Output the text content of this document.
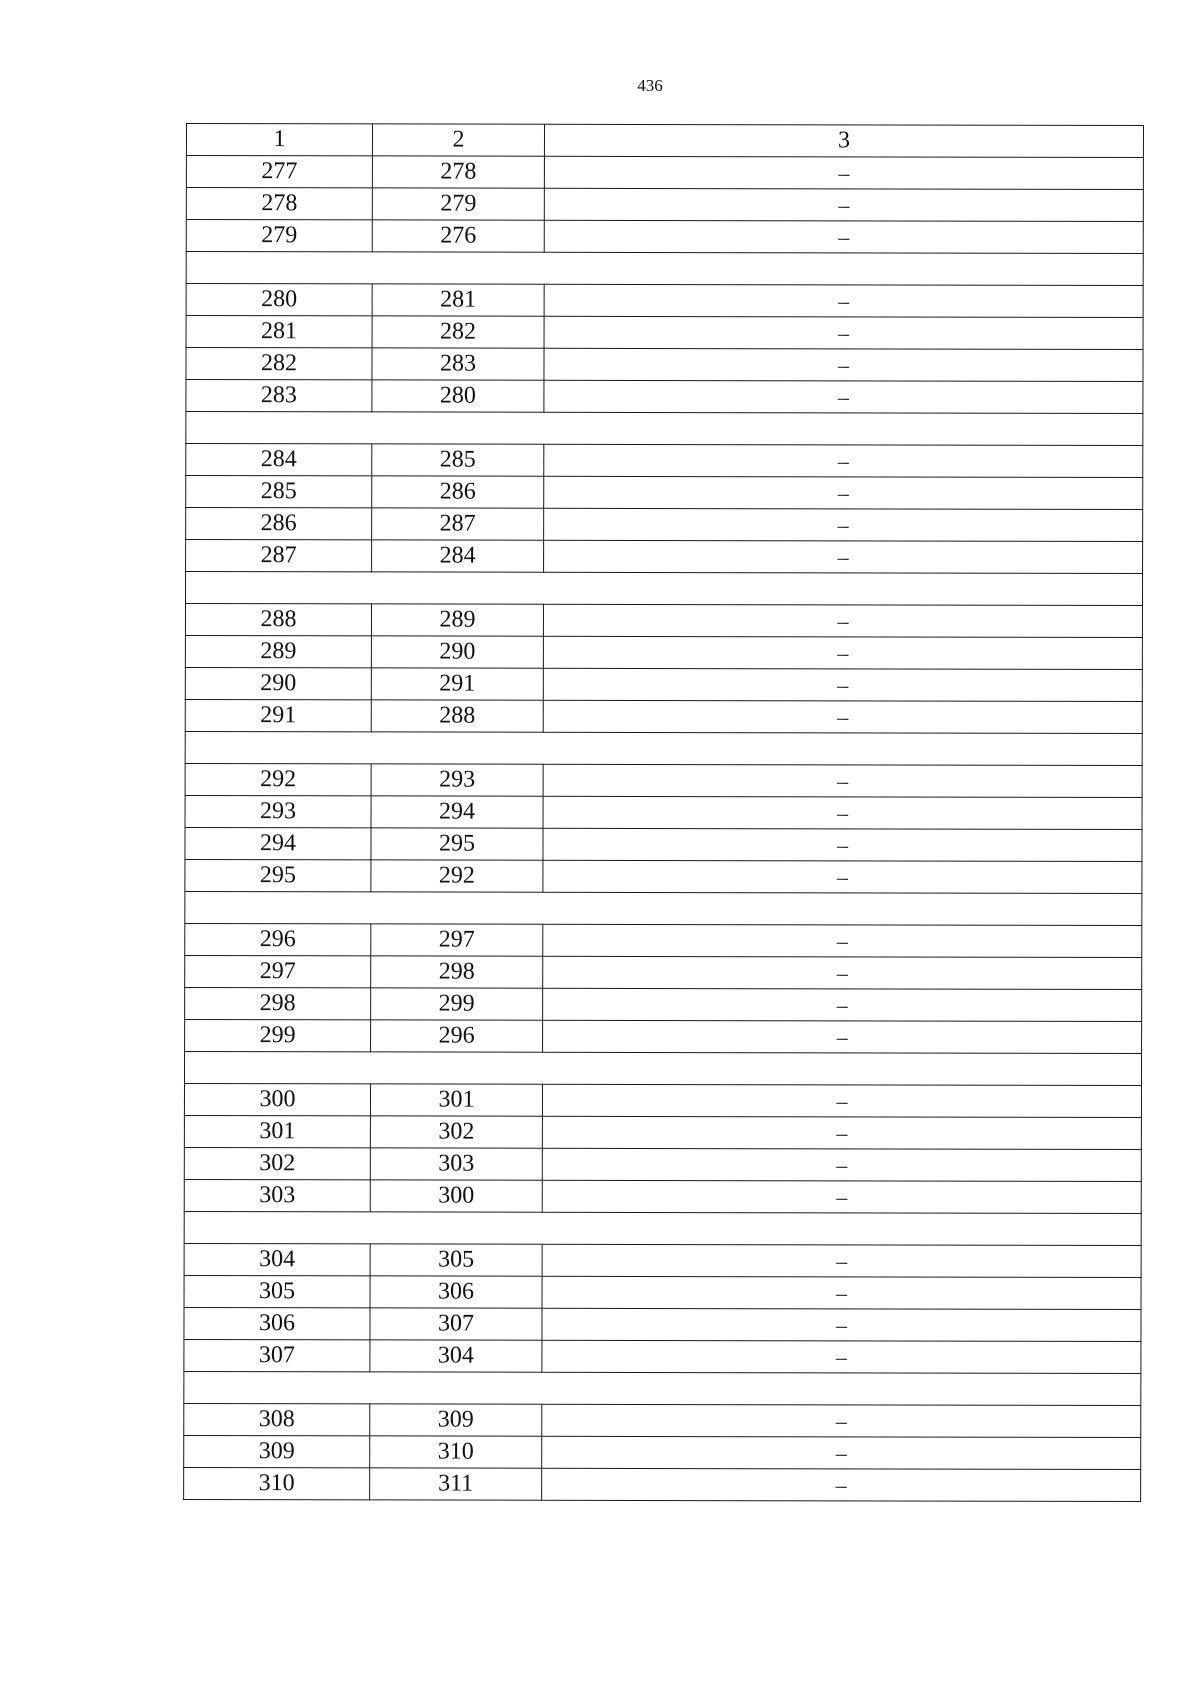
436
1	2	3
277	278	–
278	279	–
279	276	–

280	281	–
281	282	–
282	283	–
283	280	–

284	285	–
285	286	–
286	287	–
287	284	–

288	289	–
289	290	–
290	291	–
291	288	–

292	293	–
293	294	–
294	295	–
295	292	–

296	297	–
297	298	–
298	299	–
299	296	–

300	301	–
301	302	–
302	303	–
303	300	–

304	305	–
305	306	–
306	307	–
307	304	–

308	309	–
309	310	–
310	311	–
